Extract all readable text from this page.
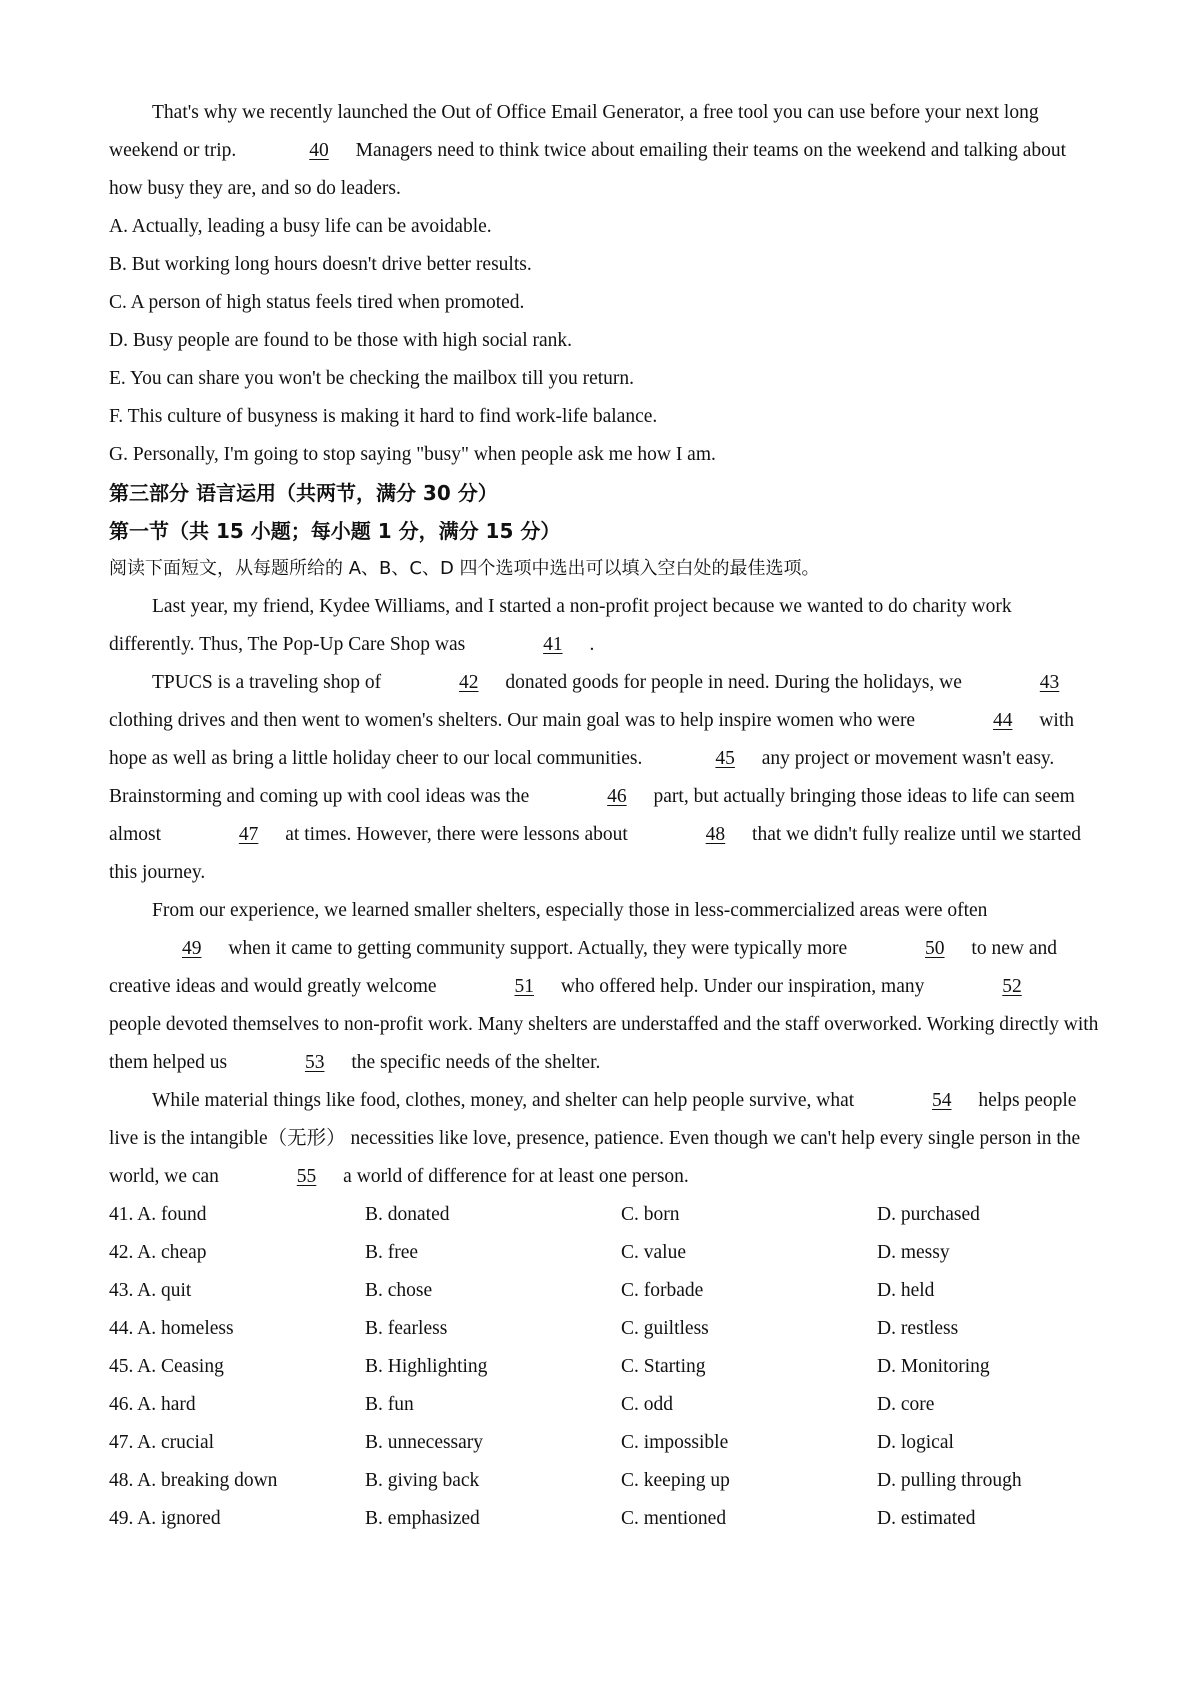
That's why we recently launched the Out of Office Email Generator, a free tool you can use before your next long weekend or trip.	40 Managers need to think twice about emailing their teams on the weekend and talking about how busy they are, and so do leaders.

A. Actually, leading a busy life can be avoidable.

B. But working long hours doesn't drive better results.

C. A person of high status feels tired when promoted.

D. Busy people are found to be those with high social rank.

E. You can share you won't be checking the mailbox till you return.

F. This culture of busyness is making it hard to find work-life balance.

G. Personally, I'm going to stop saying "busy" when people ask me how I am.

第三部分 语言运用（共两节，满分 30 分）

第一节（共 15 小题；每小题 1 分，满分 15 分）

阅读下面短文，从每题所给的 A、B、C、D 四个选项中选出可以填入空白处的最佳选项。

Last year, my friend, Kydee Williams, and I started a non-profit project because we wanted to do charity work differently. Thus, The Pop-Up Care Shop was	41 .

TPUCS is a traveling shop of	42 donated goods for people in need. During the holidays, we	43 clothing drives and then went to women's shelters. Our main goal was to help inspire women who were	44 with hope as well as bring a little holiday cheer to our local communities.	45 any project or movement wasn't easy. Brainstorming and coming up with cool ideas was the	46 part, but actually bringing those ideas to life can seem almost	47 at times. However, there were lessons about	48 that we didn't fully realize until we started this journey.

From our experience, we learned smaller shelters, especially those in less-commercialized areas were often 49 when it came to getting community support. Actually, they were typically more	50 to new and creative ideas and would greatly welcome	51 who offered help. Under our inspiration, many	52 people devoted themselves to non-profit work. Many shelters are understaffed and the staff overworked. Working directly with them helped us	53 the specific needs of the shelter.

While material things like food, clothes, money, and shelter can help people survive, what	54 helps people live is the intangible（无形） necessities like love, presence, patience. Even though we can't help every single person in the world, we can	55 a world of difference for at least one person.

41. A. found	B. donated	C. born	D. purchased
42. A. cheap	B. free	C. value	D. messy
43. A. quit	B. chose	C. forbade	D. held
44. A. homeless	B. fearless	C. guiltless	D. restless
45. A. Ceasing	B. Highlighting	C. Starting	D. Monitoring
46. A. hard	B. fun	C. odd	D. core
47. A. crucial	B. unnecessary	C. impossible	D. logical
48. A. breaking down	B. giving back	C. keeping up	D. pulling through
49. A. ignored	B. emphasized	C. mentioned	D. estimated
